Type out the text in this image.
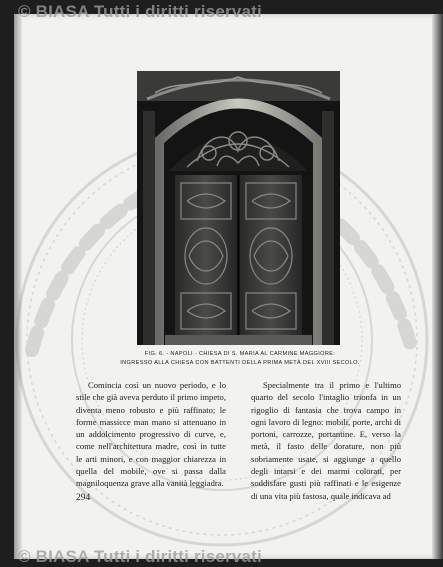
© BIASA Tutti i diritti riservati
FIG. 6. - NAPOLI - CHIESA DI S. MARIA AL CARMINE MAGGIORE:
INGRESSO ALLA CHIESA CON BATTENTI DELLA PRIMA METÀ DEL XVIII SECOLO.
Comincia così un nuovo periodo, e lo stile che già aveva perduto il primo impeto, diventa meno robusto e più raffinato; le forme massicce man mano si attenuano in un addolcimento progressivo di curve, e, come nell'architettura madre, così in tutte le arti minori, e con maggior chiarezza in quella del mobile, ove si passa dalla magniloquenza grave alla vanità leggiadra.
Specialmente tra il primo e l'ultimo quarto del secolo l'intaglio trionfa in un rigoglio di fantasia che trova campo in ogni lavoro di legno: mobili, porte, archi di portoni, carrozze, portantine. E, verso la metà, il fasto delle dorature, non più sobriamente usate, si aggiunge a quello degli intarsi e dei marmi colorati, per soddisfare gusti più raffinati e le esigenze di una vita più fastosa, quale indicava ad
294
© BIASA Tutti i diritti riservati
